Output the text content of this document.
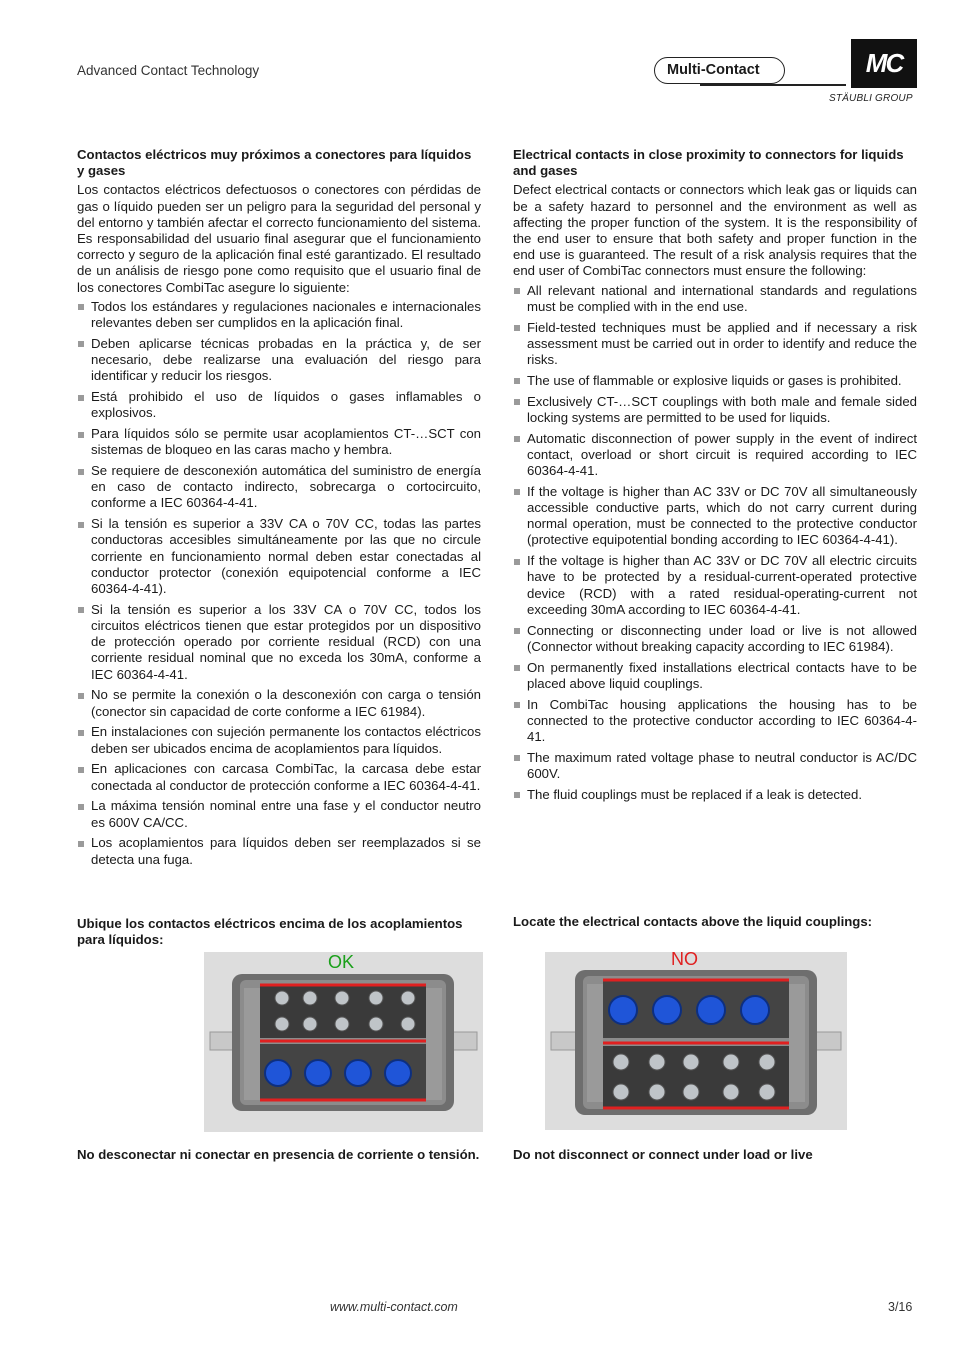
Advanced Contact Technology	Multi-Contact	MC
STÄUBLI GROUP

Contactos eléctricos muy próximos a conectores para líquidos y gases

Los contactos eléctricos defectuosos o conectores con pérdidas de gas o líquido pueden ser un peligro para la seguridad del personal y del entorno y también afectar el correcto funcionamiento del sistema. Es responsabilidad del usuario final asegurar que el funcionamiento correcto y seguro de la aplicación final esté garantizado. El resultado de un análisis de riesgo pone como requisito que el usuario final de los conectores CombiTac asegure lo siguiente:

Todos los estándares y regulaciones nacionales e internacionales relevantes deben ser cumplidos en la aplicación final.
Deben aplicarse técnicas probadas en la práctica y, de ser necesario, debe realizarse una evaluación del riesgo para identificar y reducir los riesgos.
Está prohibido el uso de líquidos o gases inflamables o explosivos.
Para líquidos sólo se permite usar acoplamientos CT-…SCT con sistemas de bloqueo en las caras macho y hembra.
Se requiere de desconexión automática del suministro de energía en caso de contacto indirecto, sobrecarga o cortocircuito, conforme a IEC 60364-4-41.
Si la tensión es superior a 33V CA o 70V CC, todas las partes conductoras accesibles simultáneamente por las que no circule corriente en funcionamiento normal deben estar conectadas al conductor protector (conexión equipotencial conforme a IEC 60364-4-41).
Si la tensión es superior a los 33V CA o 70V CC, todos los circuitos eléctricos tienen que estar protegidos por un dispositivo de protección operado por corriente residual (RCD) con una corriente residual nominal que no exceda los 30mA, conforme a IEC 60364-4-41.
No se permite la conexión o la desconexión con carga o tensión (conector sin capacidad de corte conforme a IEC 61984).
En instalaciones con sujeción permanente los contactos eléctricos deben ser ubicados encima de acoplamientos para líquidos.
En aplicaciones con carcasa CombiTac, la carcasa debe estar conectada al conductor de protección conforme a IEC 60364-4-41.
La máxima tensión nominal entre una fase y el conductor neutro es 600V CA/CC.
Los acoplamientos para líquidos deben ser reemplazados si se detecta una fuga.

Electrical contacts in close proximity to connectors for liquids and gases

Defect electrical contacts or connectors which leak gas or liquids can be a safety hazard to personnel and the environment as well as affecting the proper function of the system. It is the responsibility of the end user to ensure that both safety and proper function in the end use is guaranteed. The result of a risk analysis requires that the end user of CombiTac connectors must ensure the following:

All relevant national and international standards and regulations must be complied with in the end use.
Field-tested techniques must be applied and if necessary a risk assessment must be carried out in order to identify and reduce the risks.
The use of flammable or explosive liquids or gases is prohibited.
Exclusively CT-…SCT couplings with both male and female sided locking systems are permitted to be used for liquids.
Automatic disconnection of power supply in the event of indirect contact, overload or short circuit is required according to IEC 60364-4-41.
If the voltage is higher than AC 33V or DC 70V all simultaneously accessible conductive parts, which do not carry current during normal operation, must be connected to the protective conductor (protective equipotential bonding according to IEC 60364-4-41).
If the voltage is higher than AC 33V or DC 70V all electric circuits have to be protected by a residual-current-operated protective device (RCD) with a rated residual-operating-current not exceeding 30mA according to IEC 60364-4-41.
Connecting or disconnecting under load or live is not allowed (Connector without breaking capacity according to IEC 61984).
On permanently fixed installations electrical contacts have to be placed above liquid couplings.
In CombiTac housing applications the housing has to be connected to the protective conductor according to IEC 60364-4-41.
The maximum rated voltage phase to neutral conductor is AC/DC 600V.
The fluid couplings must be replaced if a leak is detected.
Ubique los contactos eléctricos encima de los acoplamientos para líquidos:
Locate the electrical contacts above the liquid couplings:
OK	NO
No desconectar ni conectar en presencia de corriente o tensión.	Do not disconnect or connect under load or live
www.multi-contact.com	3/16
